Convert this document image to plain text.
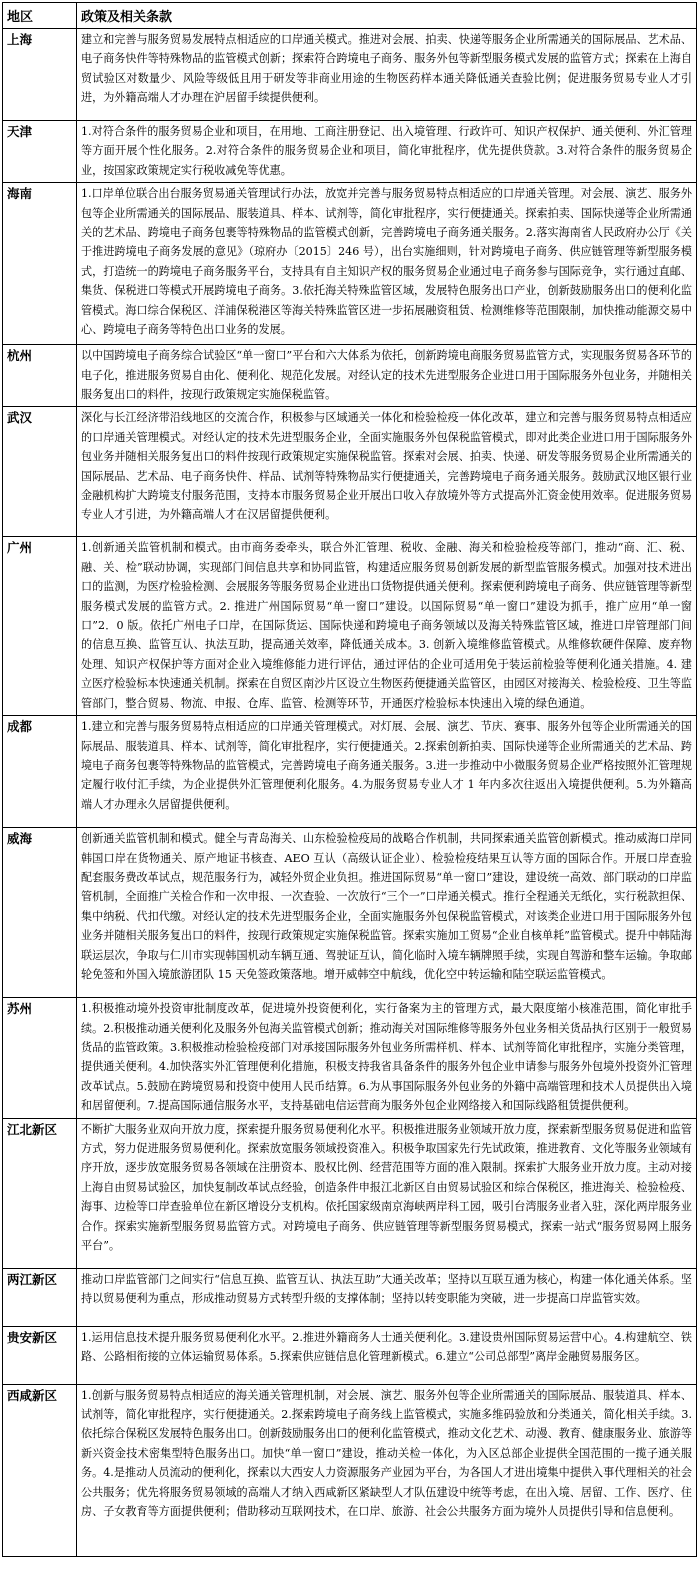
地区	政策及相关条款
上海	建立和完善与服务贸易发展特点相适应的口岸通关模式。推进对会展、拍卖、快递等服务企业所需通关的国际展品、艺术品、电子商务快件等特殊物品的监管模式创新；探索符合跨境电子商务、服务外包等新型服务模式发展的监管方式；探索在上海自贸试验区对数量少、风险等级低且用于研发等非商业用途的生物医药样本通关降低通关查验比例；促进服务贸易专业人才引进，为外籍高端人才办理在沪居留手续提供便利。
天津	1.对符合条件的服务贸易企业和项目，在用地、工商注册登记、出入境管理、行政许可、知识产权保护、通关便利、外汇管理等方面开展个性化服务。2.对符合条件的服务贸易企业和项目，简化审批程序，优先提供贷款。3.对符合条件的服务贸易企业，按国家政策规定实行税收减免等优惠。
海南	1.口岸单位联合出台服务贸易通关管理试行办法，放宽并完善与服务贸易特点相适应的口岸通关管理。对会展、演艺、服务外包等企业所需通关的国际展品、服装道具、样本、试剂等，简化审批程序，实行便捷通关。探索拍卖、国际快递等企业所需通关的艺术品、跨境电子商务包裹等特殊物品的监管模式创新，完善跨境电子商务通关服务。2.落实海南省人民政府办公厅《关于推进跨境电子商务发展的意见》（琼府办〔2015〕246 号），出台实施细则，针对跨境电子商务、供应链管理等新型服务模式，打造统一的跨境电子商务服务平台，支持具有自主知识产权的服务贸易企业通过电子商务参与国际竞争，实行通过直邮、集货、保税进口等模式开展跨境电子商务。3.依托海关特殊监管区域，发展特色服务出口产业，创新鼓励服务出口的便利化监管模式。海口综合保税区、洋浦保税港区等海关特殊监管区进一步拓展融资租赁、检测维修等范围限制，加快推动能源交易中心、跨境电子商务等特色出口业务的发展。
杭州	以中国跨境电子商务综合试验区“单一窗口”平台和六大体系为依托，创新跨境电商服务贸易监管方式，实现服务贸易各环节的电子化，推进服务贸易自由化、便利化、规范化发展。对经认定的技术先进型服务企业进口用于国际服务外包业务，并随相关服务复出口的料件，按现行政策规定实施保税监管。
武汉	深化与长江经济带沿线地区的交流合作，积极参与区域通关一体化和检验检疫一体化改革，建立和完善与服务贸易特点相适应的口岸通关管理模式。对经认定的技术先进型服务企业，全面实施服务外包保税监管模式，即对此类企业进口用于国际服务外包业务并随相关服务复出口的料件按现行政策规定实施保税监管。探索对会展、拍卖、快递、研发等服务贸易企业所需通关的国际展品、艺术品、电子商务快件、样品、试剂等特殊物品实行便捷通关，完善跨境电子商务通关服务。鼓励武汉地区银行业金融机构扩大跨境支付服务范围，支持本市服务贸易企业开展出口收入存放境外等方式提高外汇资金使用效率。促进服务贸易专业人才引进，为外籍高端人才在汉居留提供便利。
广州	1.创新通关监管机制和模式。由市商务委牵头，联合外汇管理、税收、金融、海关和检验检疫等部门，推动“商、汇、税、融、关、检”联动协调，实现部门间信息共享和协同监管，构建适应服务贸易创新发展的新型监管服务模式。加强对技术进出口的监测，为医疗检验检测、会展服务等服务贸易企业进出口货物提供通关便利。探索便利跨境电子商务、供应链管理等新型服务模式发展的监管方式。2. 推进广州国际贸易“单一窗口”建设。以国际贸易“单一窗口”建设为抓手，推广应用“单一窗口”2．0 版。依托广州电子口岸，在国际货运、国际快递和跨境电子商务领域以及海关特殊监管区域，推进口岸管理部门间的信息互换、监管互认、执法互助，提高通关效率，降低通关成本。3. 创新入境维修监管模式。从维修软硬件保障、废弃物处理、知识产权保护等方面对企业入境维修能力进行评估，通过评估的企业可适用免于装运前检验等便利化通关措施。4. 建立医疗检验标本快速通关机制。探索在自贸区南沙片区设立生物医药便捷通关监管区，由园区对接海关、检验检疫、卫生等监管部门，整合贸易、物流、申报、仓库、监管、检测等环节，开通医疗检验标本快速出入境的绿色通道。
成都	1.建立和完善与服务贸易特点相适应的口岸通关管理模式。对灯展、会展、演艺、节庆、赛事、服务外包等企业所需通关的国际展品、服装道具、样本、试剂等，简化审批程序，实行便捷通关。2.探索创新拍卖、国际快递等企业所需通关的艺术品、跨境电子商务包裹等特殊物品的监管模式，完善跨境电子商务通关服务。3.进一步推动中小微服务贸易企业严格按照外汇管理规定履行收付汇手续，为企业提供外汇管理便利化服务。4.为服务贸易专业人才 1 年内多次往返出入境提供便利。5.为外籍高端人才办理永久居留提供便利。
威海	创新通关监管机制和模式。健全与青岛海关、山东检验检疫局的战略合作机制，共同探索通关监管创新模式。推动威海口岸同韩国口岸在货物通关、原产地证书核查、AEO 互认（高级认证企业）、检验检疫结果互认等方面的国际合作。开展口岸查验配套服务费改革试点，规范服务行为，减轻外贸企业负担。推进国际贸易“单一窗口”建设，建设统一高效、部门联动的口岸监管机制，全面推广关检合作和一次申报、一次查验、一次放行“三个一”口岸通关模式。推行全程通关无纸化，实行税款担保、集中纳税、代扣代缴。对经认定的技术先进型服务企业，全面实施服务外包保税监管模式，对该类企业进口用于国际服务外包业务并随相关服务复出口的料件，按现行政策规定实施保税监管。探索实施加工贸易“企业自核单耗”监管模式。提升中韩陆海联运层次，争取与仁川市实现韩国机动车辆互通、驾驶证互认，简化临时入境车辆牌照手续，实现自驾游和整车运输。争取邮轮免签和外国入境旅游团队 15 天免签政策落地。增开威韩空中航线，优化空中转运输和陆空联运监管模式。
苏州	1.积极推动境外投资审批制度改革，促进境外投资便利化，实行备案为主的管理方式，最大限度缩小核准范围，简化审批手续。2.积极推动通关便利化及服务外包海关监管模式创新；推动海关对国际维修等服务外包业务相关货品执行区别于一般贸易货品的监管政策。3.积极推动检验检疫部门对承接国际服务外包业务所需样机、样本、试剂等简化审批程序，实施分类管理，提供通关便利。4.加快落实外汇管理便利化措施，积极支持我省具备条件的服务外包企业申请参与服务外包境外投资外汇管理改革试点。5.鼓励在跨境贸易和投资中使用人民币结算。6.为从事国际服务外包业务的外籍中高端管理和技术人员提供出入境和居留便利。7.提高国际通信服务水平，支持基础电信运营商为服务外包企业网络接入和国际线路租赁提供便利。
江北新区	不断扩大服务业双向开放力度，探索提升服务贸易便利化水平。积极推进服务业领域开放力度，探索新型服务贸易促进和监管方式，努力促进服务贸易便利化。探索放宽服务领域投资准入。积极争取国家先行先试政策，推进教育、文化等服务业领域有序开放，逐步放宽服务贸易各领域在注册资本、股权比例、经营范围等方面的准入限制。探索扩大服务业开放力度。主动对接上海自由贸易试验区，加快复制改革试点经验，创造条件申报江北新区自由贸易试验区和综合保税区，推进海关、检验检疫、海事、边检等口岸查验单位在新区增设分支机构。依托国家级南京海峡两岸科工园，吸引台湾服务业者入驻，深化两岸服务业合作。探索实施新型服务贸易监管方式。对跨境电子商务、供应链管理等新型服务贸易模式，探索一站式“服务贸易网上服务平台”。
两江新区	推动口岸监管部门之间实行“信息互换、监管互认、执法互助”大通关改革；坚持以互联互通为核心，构建一体化通关体系。坚持以贸易便利为重点，形成推动贸易方式转型升级的支撑体制；坚持以转变职能为突破，进一步提高口岸监管实效。
贵安新区	1.运用信息技术提升服务贸易便利化水平。2.推进外籍商务人士通关便利化。3.建设贵州国际贸易运营中心。4.构建航空、铁路、公路相衔接的立体运输贸易体系。5.探索供应链信息化管理新模式。6.建立“公司总部型”离岸金融贸易服务区。
西咸新区	1.创新与服务贸易特点相适应的海关通关管理机制，对会展、演艺、服务外包等企业所需通关的国际展品、服装道具、样本、试剂等，简化审批程序，实行便捷通关。2.探索跨境电子商务线上监管模式，实施多维码验放和分类通关，简化相关手续。3.依托综合保税区发展特色服务出口。创新鼓励服务出口的便利化监管模式，推动文化艺术、动漫、教育、健康服务业、旅游等新兴资金技术密集型特色服务出口。加快“单一窗口”建设，推动关检一体化，为入区总部企业提供全国范围的一揽子通关服务。4.是推动人员流动的便利化，探索以大西安人力资源服务产业园为平台，为各国人才进出境集中提供入事代理相关的社会公共服务；优先将服务贸易领域的高端人才纳入西咸新区紧缺型人才队伍建设中统等考虑，在出入境、居留、工作、医疗、住房、子女教育等方面提供便利；借助移动互联网技术，在口岸、旅游、社会公共服务方面为境外人员提供引导和信息便利。
